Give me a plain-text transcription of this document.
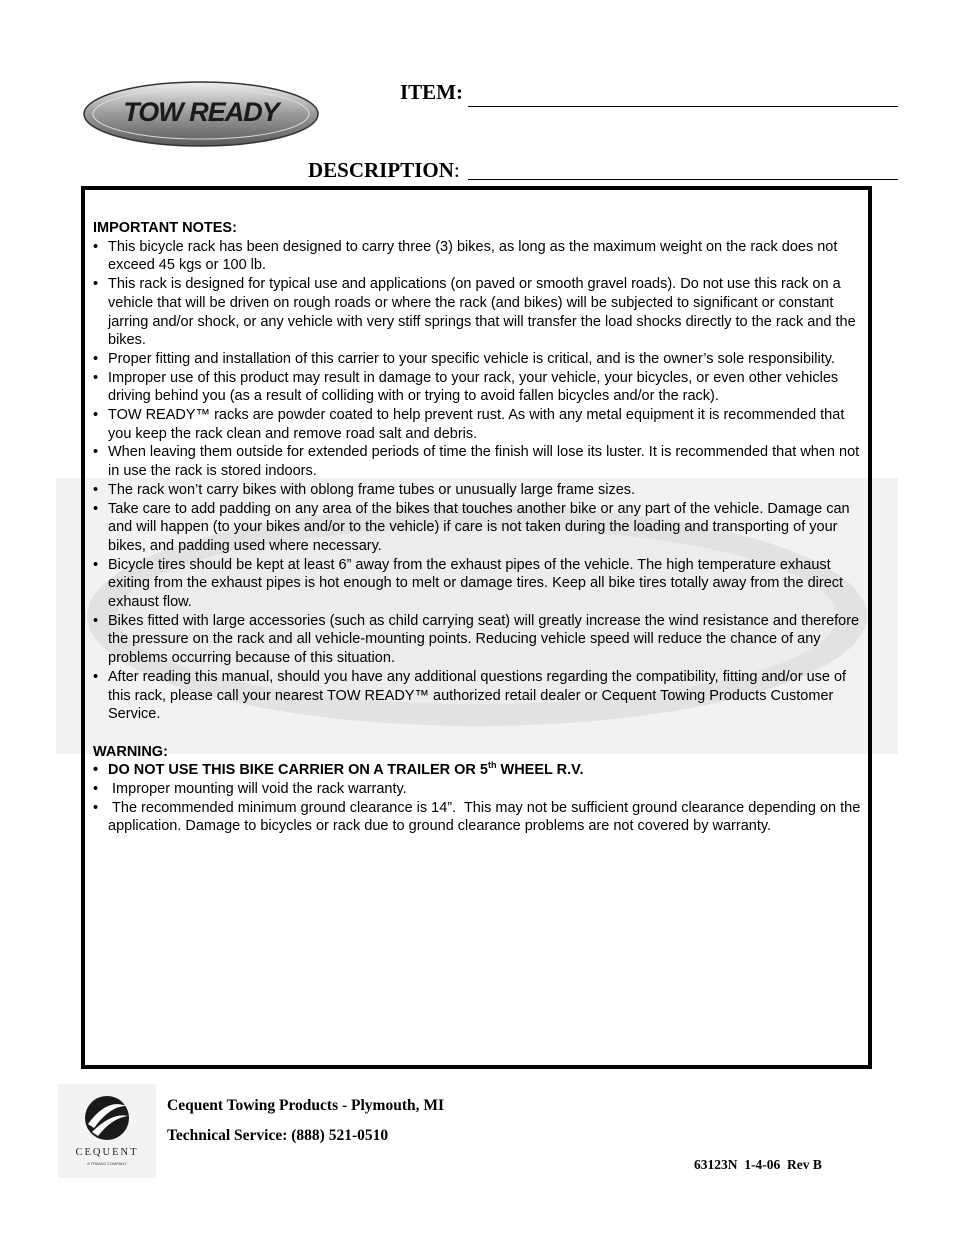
TOW READY
ITEM:
DESCRIPTION:

IMPORTANT NOTES:

• This bicycle rack has been designed to carry three (3) bikes, as long as the maximum weight on the rack does not exceed 45 kgs or 100 lb.
• This rack is designed for typical use and applications (on paved or smooth gravel roads). Do not use this rack on a vehicle that will be driven on rough roads or where the rack (and bikes) will be subjected to significant or constant jarring and/or shock, or any vehicle with very stiff springs that will transfer the load shocks directly to the rack and the bikes.
• Proper fitting and installation of this carrier to your specific vehicle is critical, and is the owner’s sole responsibility.
• Improper use of this product may result in damage to your rack, your vehicle, your bicycles, or even other vehicles driving behind you (as a result of colliding with or trying to avoid fallen bicycles and/or the rack).
• TOW READY™ racks are powder coated to help prevent rust. As with any metal equipment it is recommended that you keep the rack clean and remove road salt and debris.
• When leaving them outside for extended periods of time the finish will lose its luster. It is recommended that when not in use the rack is stored indoors.
• The rack won’t carry bikes with oblong frame tubes or unusually large frame sizes.
• Take care to add padding on any area of the bikes that touches another bike or any part of the vehicle. Damage can and will happen (to your bikes and/or to the vehicle) if care is not taken during the loading and transporting of your bikes, and padding used where necessary.
• Bicycle tires should be kept at least 6” away from the exhaust pipes of the vehicle. The high temperature exhaust exiting from the exhaust pipes is hot enough to melt or damage tires. Keep all bike tires totally away from the direct exhaust flow.
• Bikes fitted with large accessories (such as child carrying seat) will greatly increase the wind resistance and therefore the pressure on the rack and all vehicle-mounting points. Reducing vehicle speed will reduce the chance of any problems occurring because of this situation.
• After reading this manual, should you have any additional questions regarding the compatibility, fitting and/or use of this rack, please call your nearest TOW READY™ authorized retail dealer or Cequent Towing Products Customer Service.

WARNING:

• DO NOT USE THIS BIKE CARRIER ON A TRAILER OR 5th WHEEL R.V.
•  Improper mounting will void the rack warranty.
•  The recommended minimum ground clearance is 14”.  This may not be sufficient ground clearance depending on the application. Damage to bicycles or rack due to ground clearance problems are not covered by warranty.
CEQUENT
A TRIMAS COMPANY
Cequent Towing Products - Plymouth, MI
Technical Service: (888) 521-0510
63123N  1-4-06  Rev B
